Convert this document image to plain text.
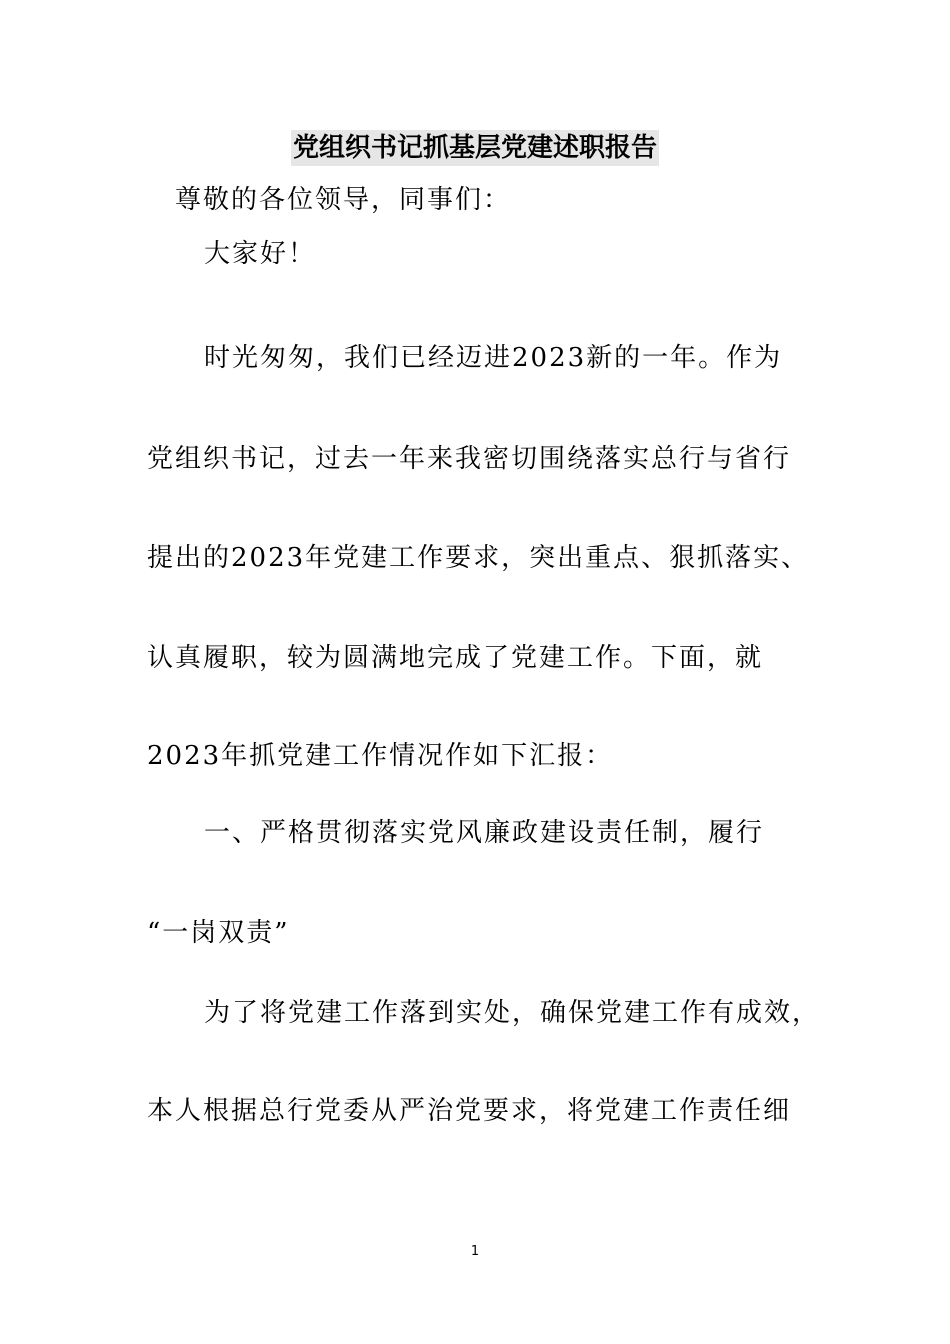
党组织书记抓基层党建述职报告
尊敬的各位领导，同事们：
大家好！
时光匆匆，我们已经迈进2023新的一年。作为
党组织书记，过去一年来我密切围绕落实总行与省行
提出的2023年党建工作要求，突出重点、狠抓落实、
认真履职，较为圆满地完成了党建工作。下面，就
2023年抓党建工作情况作如下汇报：
一、严格贯彻落实党风廉政建设责任制，履行
“一岗双责”
为了将党建工作落到实处，确保党建工作有成效，
本人根据总行党委从严治党要求，将党建工作责任细
1
